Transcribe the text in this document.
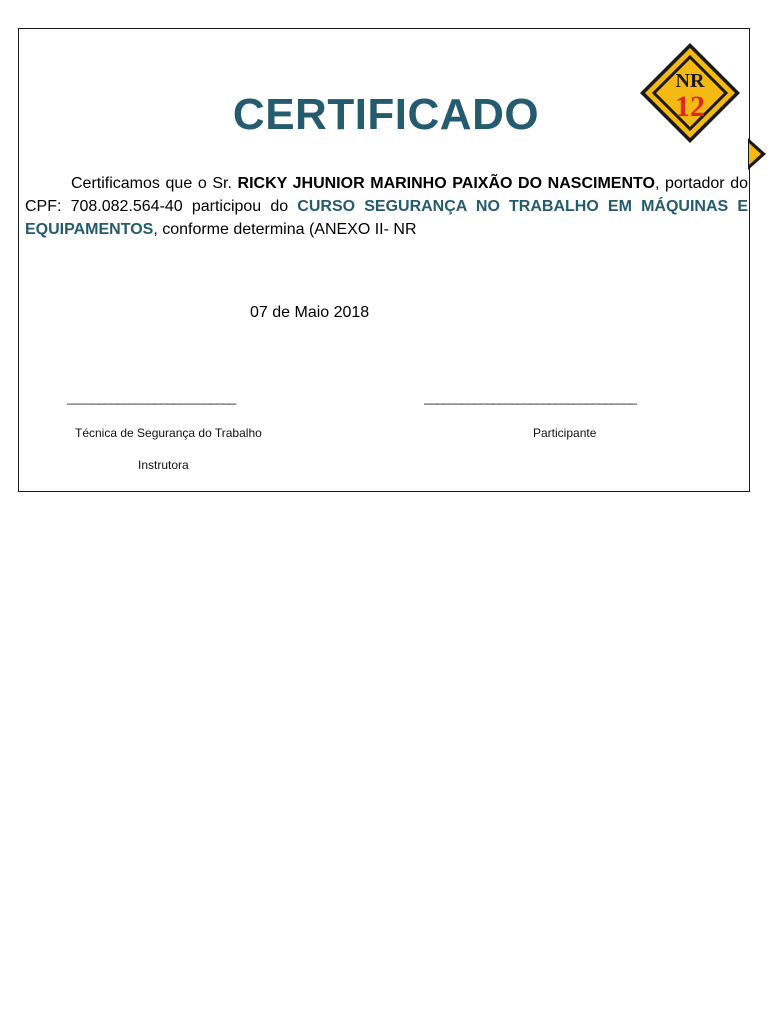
CERTIFICADO
NR
12

Certificamos que o Sr. RICKY JHUNIOR MARINHO PAIXÃO DO NASCIMENTO, portador do CPF: 708.082.564-40 participou do CURSO SEGURANÇA NO TRABALHO EM MÁQUINAS E EQUIPAMENTOS, conforme determina (ANEXO II- NR

07 de Maio 2018
___________________________	__________________________________
Técnica de Segurança do Trabalho	Participante
Instrutora
